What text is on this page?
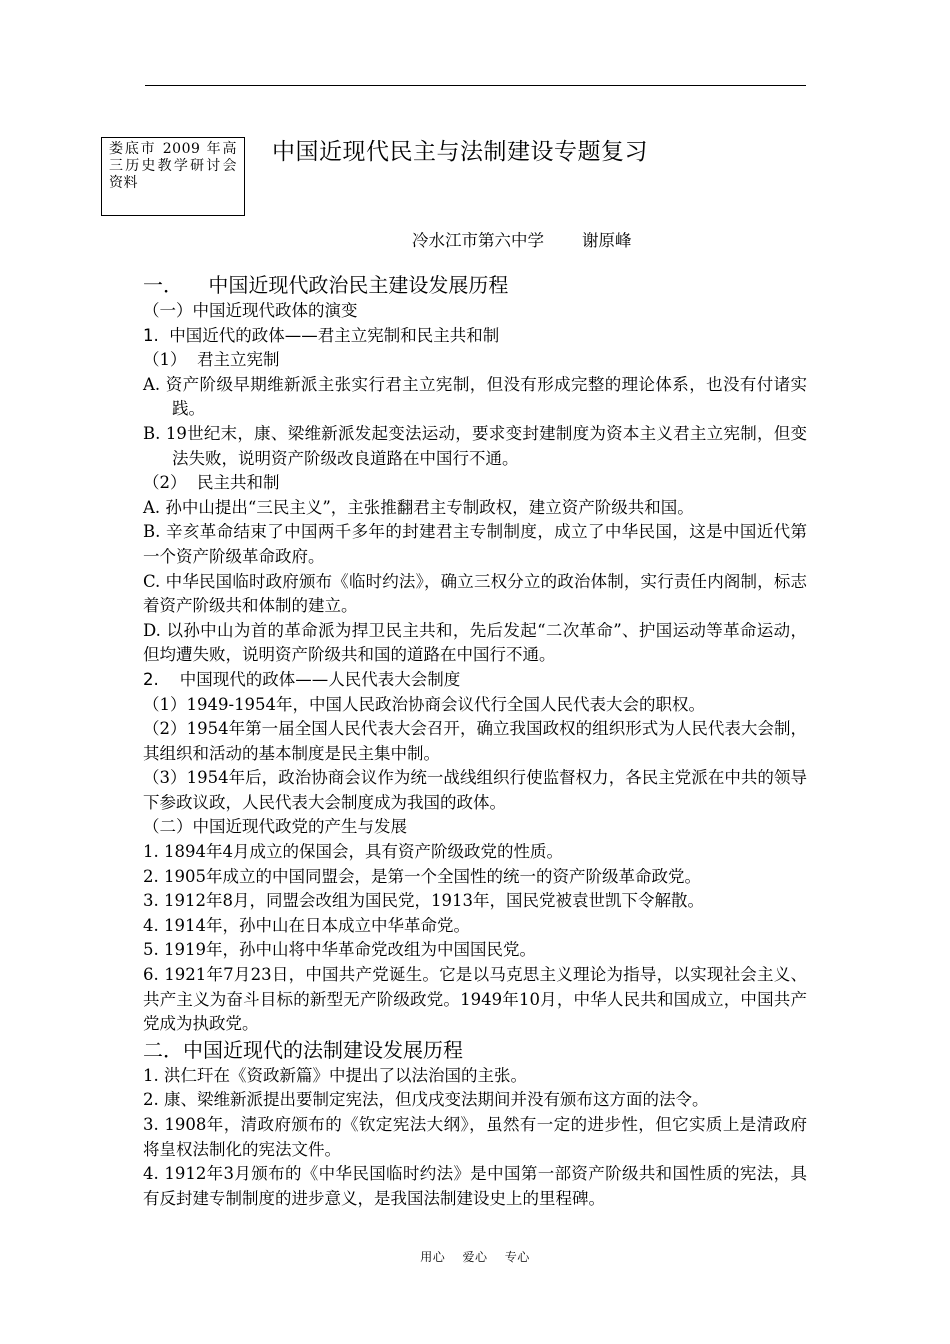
娄底市 2009 年高三历史教学研讨会资料
中国近现代民主与法制建设专题复习
冷水江市第六中学 谢原峰

一．    中国近现代政治民主建设发展历程

（一）中国近现代政体的演变

1.  中国近代的政体——君主立宪制和民主共和制

（1）  君主立宪制

A. 资产阶级早期维新派主张实行君主立宪制，但没有形成完整的理论体系，也没有付诸实践。

B. 19世纪末，康、梁维新派发起变法运动，要求变封建制度为资本主义君主立宪制，但变法失败，说明资产阶级改良道路在中国行不通。

（2）  民主共和制

A. 孙中山提出“三民主义”，主张推翻君主专制政权，建立资产阶级共和国。

B. 辛亥革命结束了中国两千多年的封建君主专制制度，成立了中华民国，这是中国近代第一个资产阶级革命政府。

C. 中华民国临时政府颁布《临时约法》，确立三权分立的政治体制，实行责任内阁制，标志着资产阶级共和体制的建立。

D. 以孙中山为首的革命派为捍卫民主共和，先后发起“二次革命”、护国运动等革命运动，但均遭失败，说明资产阶级共和国的道路在中国行不通。

2.    中国现代的政体——人民代表大会制度

（1）1949-1954年，中国人民政治协商会议代行全国人民代表大会的职权。

（2）1954年第一届全国人民代表大会召开，确立我国政权的组织形式为人民代表大会制，其组织和活动的基本制度是民主集中制。

（3）1954年后，政治协商会议作为统一战线组织行使监督权力，各民主党派在中共的领导下参政议政，人民代表大会制度成为我国的政体。

（二）中国近现代政党的产生与发展

1. 1894年4月成立的保国会，具有资产阶级政党的性质。

2. 1905年成立的中国同盟会，是第一个全国性的统一的资产阶级革命政党。

3. 1912年8月，同盟会改组为国民党，1913年，国民党被袁世凯下令解散。

4. 1914年，孙中山在日本成立中华革命党。

5. 1919年，孙中山将中华革命党改组为中国国民党。

6. 1921年7月23日，中国共产党诞生。它是以马克思主义理论为指导，以实现社会主义、共产主义为奋斗目标的新型无产阶级政党。1949年10月，中华人民共和国成立，中国共产党成为执政党。

二．中国近现代的法制建设发展历程

1. 洪仁玕在《资政新篇》中提出了以法治国的主张。

2. 康、梁维新派提出要制定宪法，但戊戌变法期间并没有颁布这方面的法令。

3. 1908年，清政府颁布的《钦定宪法大纲》，虽然有一定的进步性，但它实质上是清政府将皇权法制化的宪法文件。

4. 1912年3月颁布的《中华民国临时约法》是中国第一部资产阶级共和国性质的宪法，具有反封建专制制度的进步意义，是我国法制建设史上的里程碑。

用心    爱心    专心
